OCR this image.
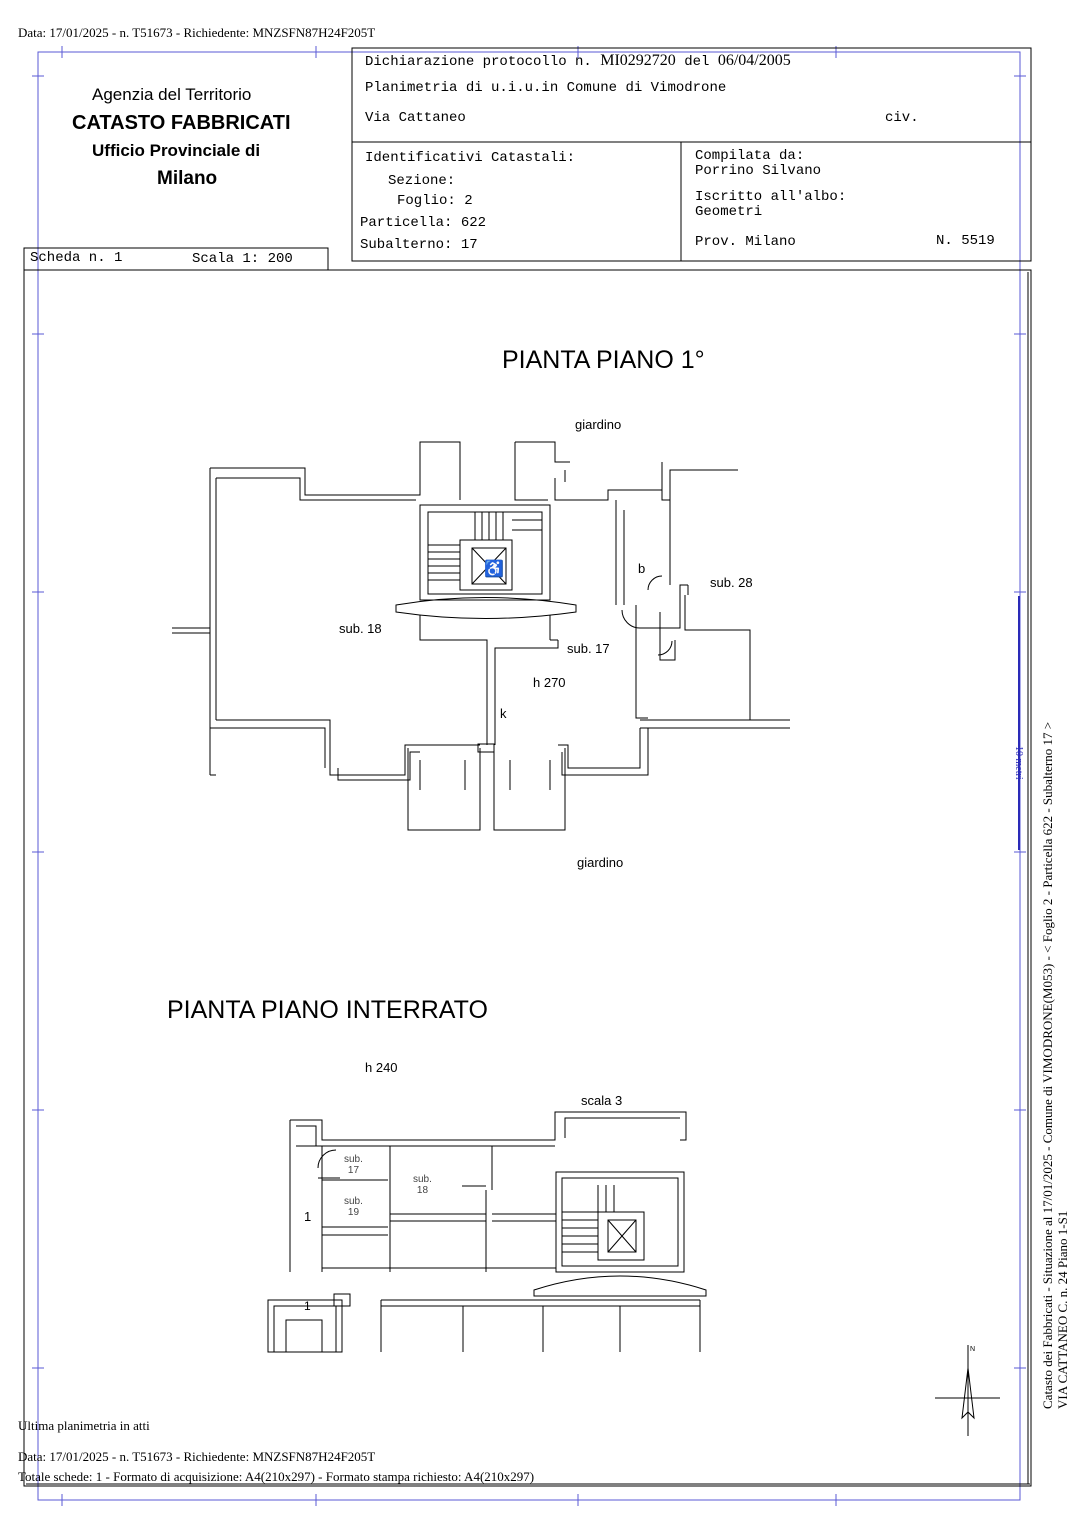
Data: 17/01/2025 - n. T51673 - Richiedente: MNZSFN87H24F205T
Agenzia del Territorio
CATASTO FABBRICATI
Ufficio Provinciale di
Milano
Dichiarazione protocollo n. MI0292720 del 06/04/2005
Planimetria di u.i.u.in Comune di Vimodrone
Via Cattaneo	civ.
Identificativi Catastali:
Sezione:
Foglio: 2
Particella: 622
Subalterno: 17
Compilata da:
Porrino Silvano
Iscritto all'albo:
Geometri
Prov. Milano	N. 5519
Scheda n. 1	Scala 1: 200
PIANTA PIANO 1°
giardino
sub. 18
sub. 17
sub. 28
h 270
k
b
♿
giardino
PIANTA PIANO INTERRATO
h 240
scala 3
sub.
17
sub.
19
sub.
18
1
1
N
10 metri Catasto dei Fabbricati - Situazione al 17/01/2025 - Comune di VIMODRONE(M053) - < Foglio 2 - Particella 622 - Subalterno 17 > VIA CATTANEO C. n. 24 Piano 1-S1
Ultima planimetria in atti
Data: 17/01/2025 - n. T51673 - Richiedente: MNZSFN87H24F205T
Totale schede: 1 - Formato di acquisizione: A4(210x297) - Formato stampa richiesto: A4(210x297)
